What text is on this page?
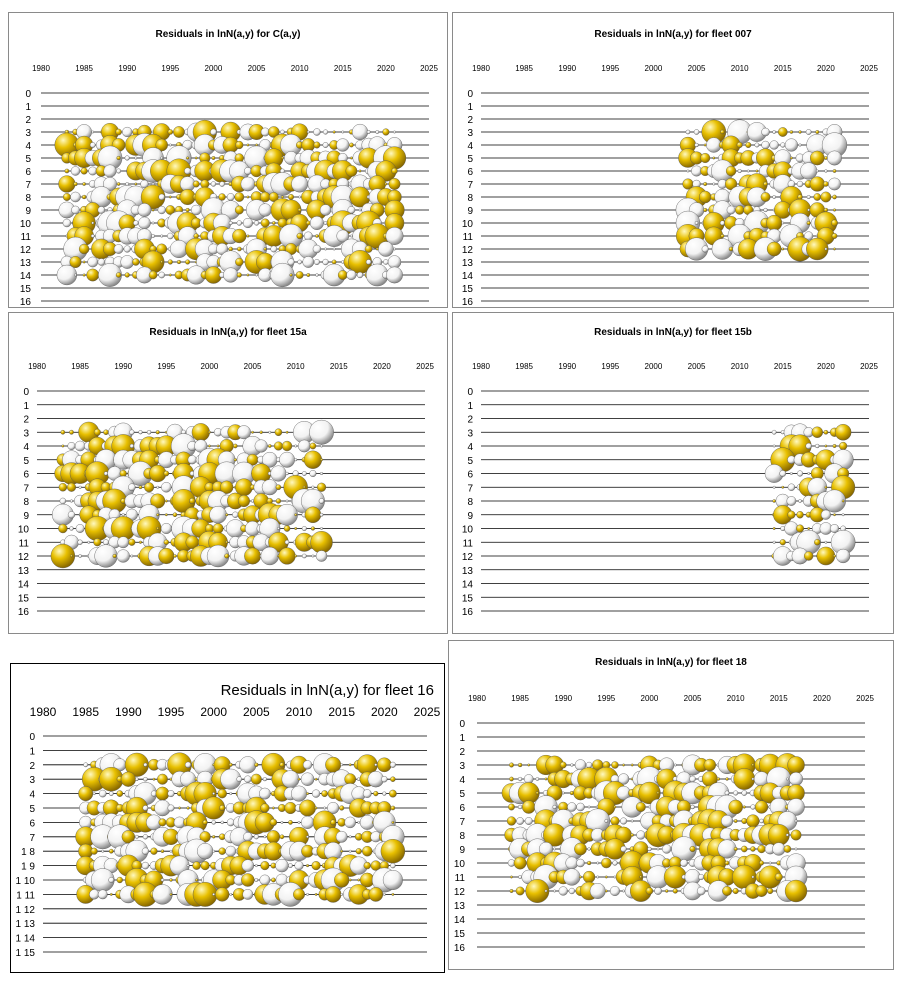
Residuals in lnN(a,y) for C(a,y)
1980	1985	1990	1995	2000	2005	2010	2015	2020	2025
0
1
2
3
4
5
6
7
8
9
10
11
12
13
14
15
16
Residuals in lnN(a,y) for fleet 007
1980	1985	1990	1995	2000	2005	2010	2015	2020	2025
0
1
2
3
4
5
6
7
8
9
10
11
12
13
14
15
16
Residuals in lnN(a,y) for fleet 15a
1980	1985	1990	1995	2000	2005	2010	2015	2020	2025
0
1
2
3
4
5
6
7
8
9
10
11
12
13
14
15
16
Residuals in lnN(a,y) for fleet 15b
1980	1985	1990	1995	2000	2005	2010	2015	2020	2025
0
1
2
3
4
5
6
7
8
9
10
11
12
13
14
15
16
Residuals in lnN(a,y) for fleet 16
1980 1985 1990 1995 2000 2005 2010 2015 2020 2025
0
1
2
3
4
5
6
7
1 8
1 9
1 10
1 11
1 12
1 13
1 14
1 15
Residuals in lnN(a,y) for fleet 18
1980	1985	1990	1995	2000	2005	2010	2015	2020	2025
0
1
2
3
4
5
6
7
8
9
10
11
12
13
14
15
16
